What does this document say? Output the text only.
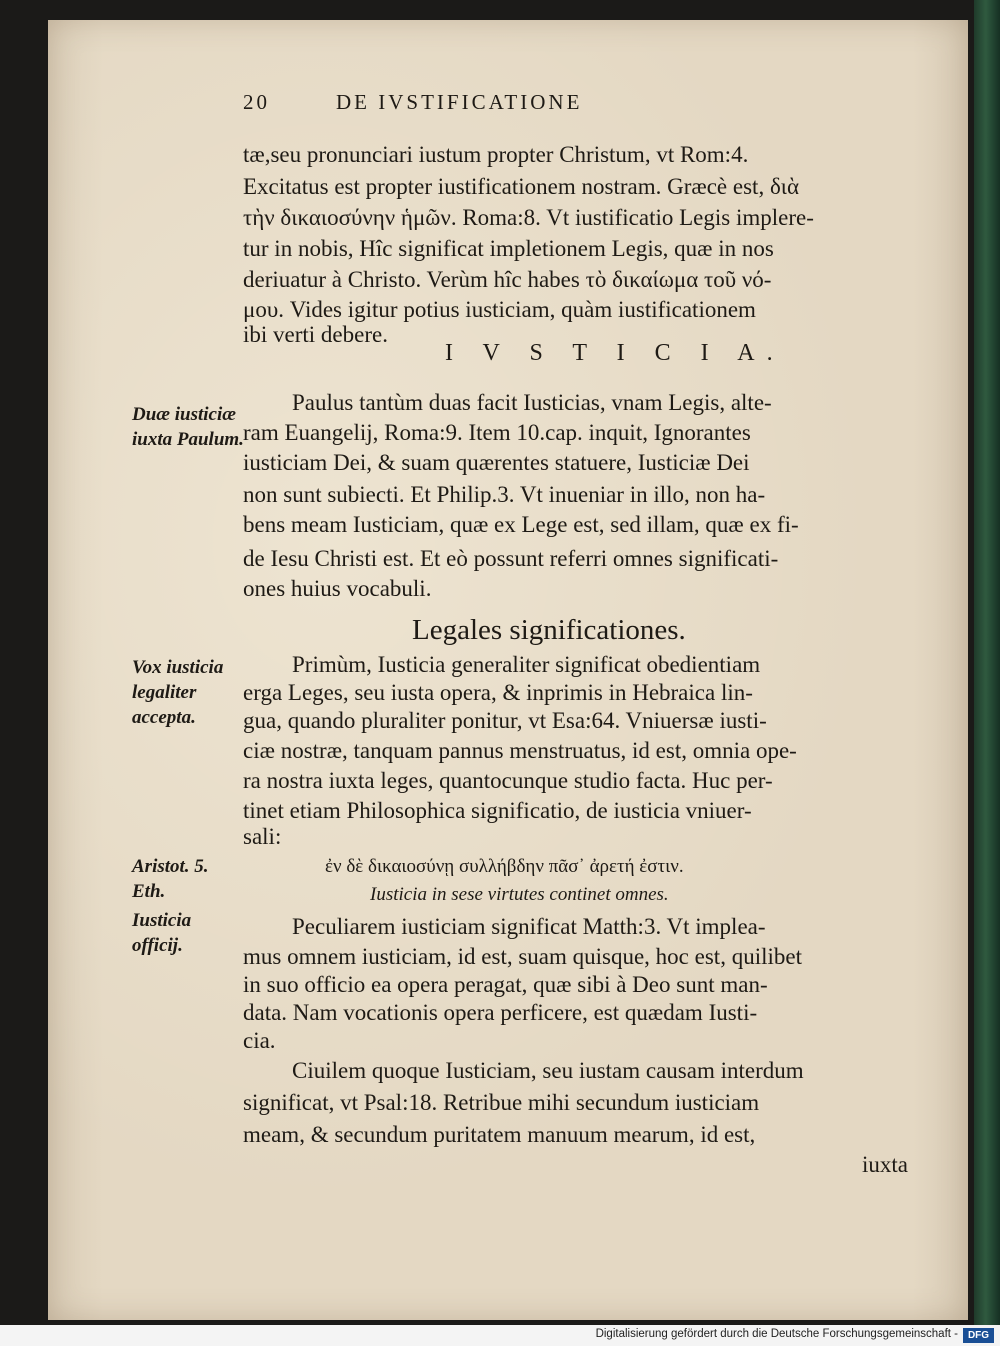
20	DE IVSTIFICATIONE
tæ,seu pronunciari iustum propter Christum, vt Rom:4.
Excitatus est propter iustificationem nostram. Græcè est, διὰ
τὴν δικαιοσύνην ἡμῶν. Roma:8. Vt iustificatio Legis implere-
tur in nobis, Hîc significat impletionem Legis, quæ in nos
deriuatur à Christo. Verùm hîc habes τὸ δικαίωμα τοῦ νό-
μου. Vides igitur potius iusticiam, quàm iustificationem
ibi verti debere.
I V S T I C I A.
Paulus tantùm duas facit Iusticias, vnam Legis, alte-
ram Euangelij, Roma:9. Item 10.cap. inquit, Ignorantes
iusticiam Dei, & suam quærentes statuere, Iusticiæ Dei
non sunt subiecti. Et Philip.3. Vt inueniar in illo, non ha-
bens meam Iusticiam, quæ ex Lege est, sed illam, quæ ex fi-
de Iesu Christi est. Et eò possunt referri omnes significati-
ones huius vocabuli.
Legales significationes.
Primùm, Iusticia generaliter significat obedientiam
erga Leges, seu iusta opera, & inprimis in Hebraica lin-
gua, quando pluraliter ponitur, vt Esa:64. Vniuersæ iusti-
ciæ nostræ, tanquam pannus menstruatus, id est, omnia ope-
ra nostra iuxta leges, quantocunque studio facta. Huc per-
tinet etiam Philosophica significatio, de iusticia vniuer-
sali:
ἐν δὲ δικαιοσύνῃ συλλήβδην πᾶσ᾽ ἀρετή ἐστιν.
Iusticia in sese virtutes continet omnes.
Peculiarem iusticiam significat Matth:3. Vt implea-
mus omnem iusticiam, id est, suam quisque, hoc est, quilibet
in suo officio ea opera peragat, quæ sibi à Deo sunt man-
data. Nam vocationis opera perficere, est quædam Iusti-
cia.
Ciuilem quoque Iusticiam, seu iustam causam interdum
significat, vt Psal:18. Retribue mihi secundum iusticiam
meam, & secundum puritatem manuum mearum, id est,
iuxta
Duæ iusticiæ iuxta Paulum.
Vox iusticia legaliter accepta.
Aristot. 5. Eth.
Iusticia officij.
Digitalisierung gefördert durch die Deutsche Forschungsgemeinschaft - DFG
